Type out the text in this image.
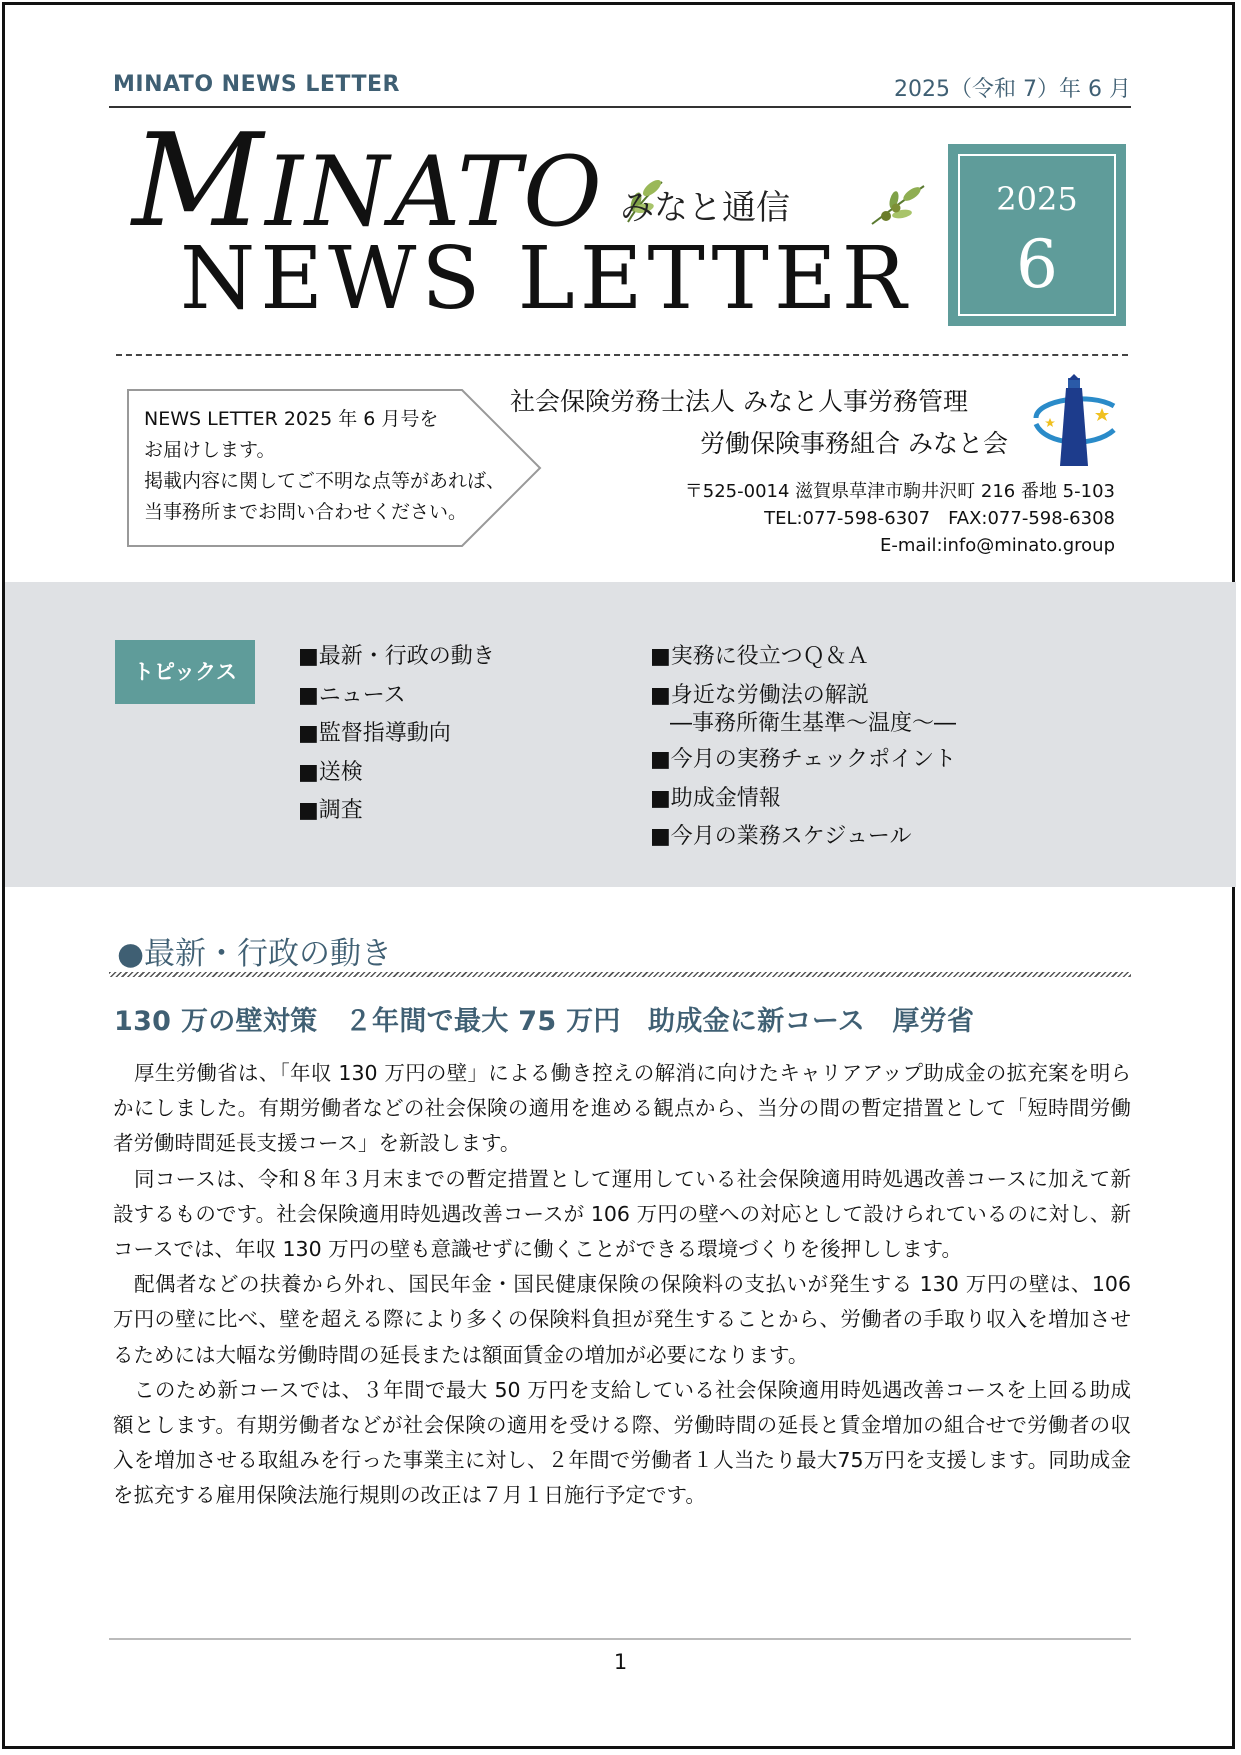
MINATO NEWS LETTER	2025（令和 7）年 6 月
MINATO みなと通信
NEWS LETTER
2025
6
NEWS LETTER 2025 年 6 月号を
お届けします。
掲載内容に関してご不明な点等があれば、
当事務所までお問い合わせください。
社会保険労務士法人 みなと人事労務管理
労働保険事務組合 みなと会
〒525-0014 滋賀県草津市駒井沢町 216 番地 5-103
TEL:077-598-6307　FAX:077-598-6308
E-mail:info@minato.group
トピックス
■最新・行政の動き
■ニュース
■監督指導動向
■送検
■調査
■実務に役立つＱ＆Ａ
■身近な労働法の解説
―事務所衛生基準～温度～―
■今月の実務チェックポイント
■助成金情報
■今月の業務スケジュール
●最新・行政の動き
130 万の壁対策　２年間で最大 75 万円　助成金に新コース　厚労省

厚生労働省は、「年収 130 万円の壁」による働き控えの解消に向けたキャリアアップ助成金の拡充案を明らかにしました。有期労働者などの社会保険の適用を進める観点から、当分の間の暫定措置として「短時間労働者労働時間延長支援コース」を新設します。

同コースは、令和８年３月末までの暫定措置として運用している社会保険適用時処遇改善コースに加えて新設するものです。社会保険適用時処遇改善コースが 106 万円の壁への対応として設けられているのに対し、新コースでは、年収 130 万円の壁も意識せずに働くことができる環境づくりを後押しします。

配偶者などの扶養から外れ、国民年金・国民健康保険の保険料の支払いが発生する 130 万円の壁は、106 万円の壁に比べ、壁を超える際により多くの保険料負担が発生することから、労働者の手取り収入を増加させるためには大幅な労働時間の延長または額面賃金の増加が必要になります。

このため新コースでは、３年間で最大 50 万円を支給している社会保険適用時処遇改善コースを上回る助成額とします。有期労働者などが社会保険の適用を受ける際、労働時間の延長と賃金増加の組合せで労働者の収入を増加させる取組みを行った事業主に対し、２年間で労働者１人当たり最大75万円を支援します。同助成金を拡充する雇用保険法施行規則の改正は７月１日施行予定です。

1
